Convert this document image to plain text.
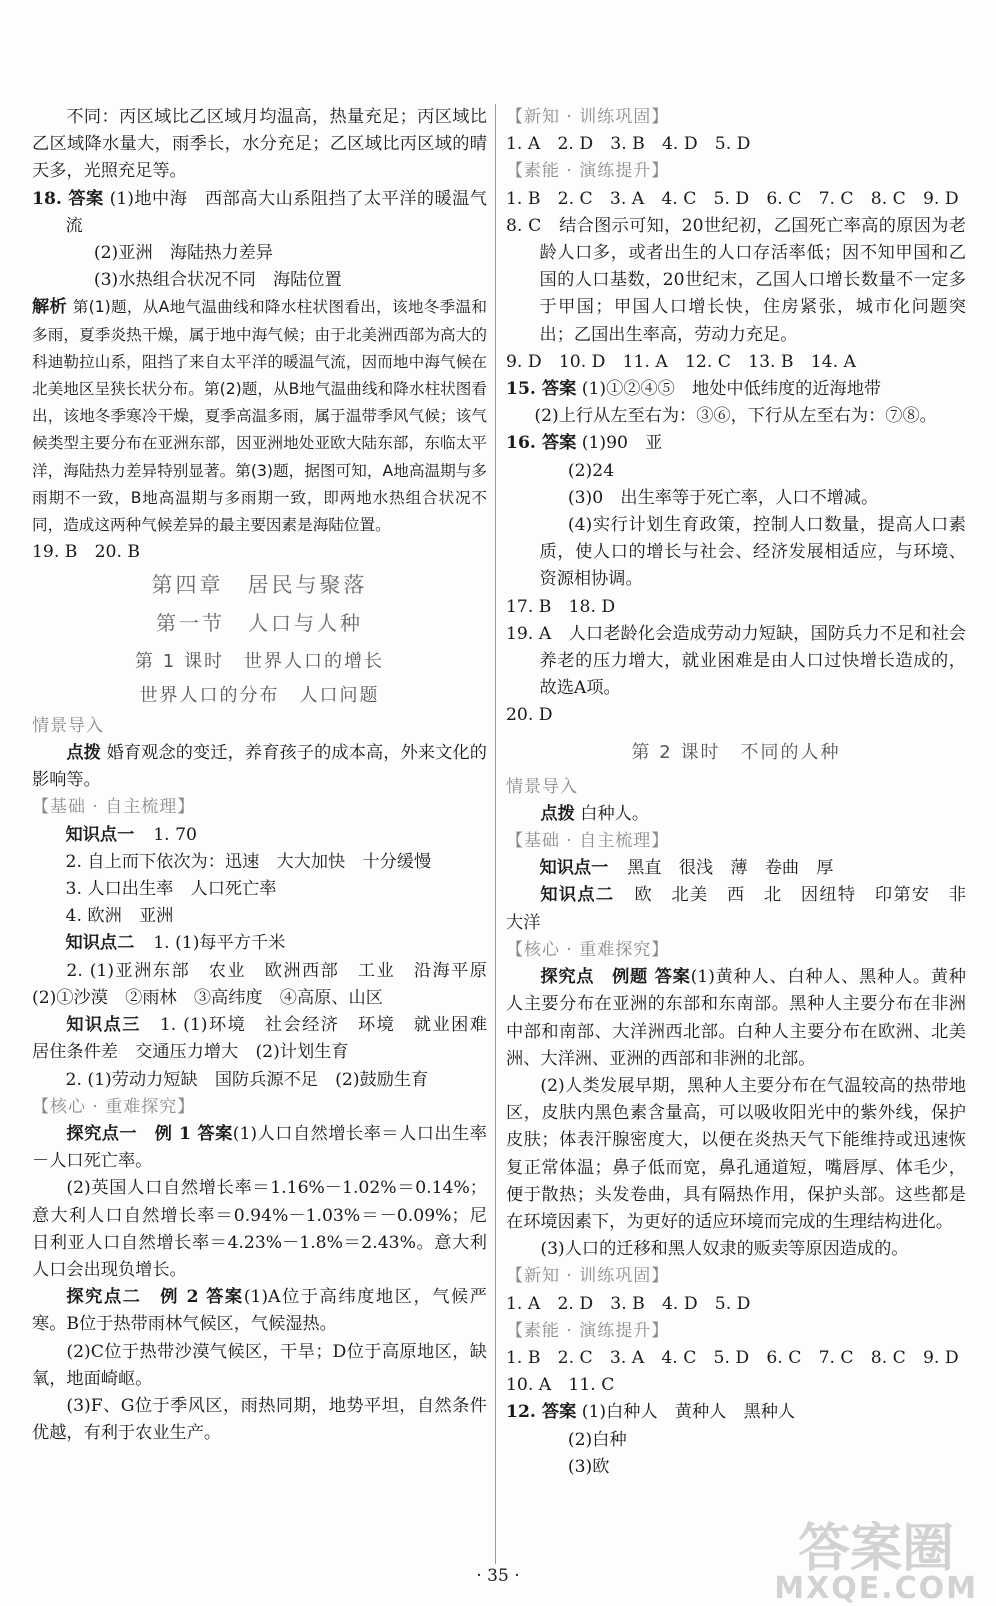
不同：丙区域比乙区域月均温高，热量充足；丙区域比乙区域降水量大，雨季长，水分充足；乙区域比丙区域的晴天多，光照充足等。

18. 答案 (1)地中海　西部高大山系阻挡了太平洋的暖温气流

(2)亚洲　海陆热力差异

(3)水热组合状况不同　海陆位置

解析 第(1)题，从A地气温曲线和降水柱状图看出，该地冬季温和多雨，夏季炎热干燥，属于地中海气候；由于北美洲西部为高大的科迪勒拉山系，阻挡了来自太平洋的暖温气流，因而地中海气候在北美地区呈狭长状分布。第(2)题，从B地气温曲线和降水柱状图看出，该地冬季寒冷干燥，夏季高温多雨，属于温带季风气候；该气候类型主要分布在亚洲东部，因亚洲地处亚欧大陆东部，东临太平洋，海陆热力差异特别显著。第(3)题，据图可知，A地高温期与多雨期不一致，B地高温期与多雨期一致，即两地水热组合状况不同，造成这两种气候差异的最主要因素是海陆位置。

19. B　20. B

第四章　居民与聚落
第一节　人口与人种
第 1 课时　世界人口的增长
世界人口的分布　人口问题
情景导入

点拨 婚育观念的变迁，养育孩子的成本高，外来文化的影响等。

【基础 · 自主梳理】

知识点一 1. 70

2. 自上而下依次为：迅速　大大加快　十分缓慢

3. 人口出生率　人口死亡率

4. 欧洲　亚洲

知识点二 1. (1)每平方千米

2. (1)亚洲东部　农业　欧洲西部　工业　沿海平原　(2)①沙漠　②雨林　③高纬度　④高原、山区

知识点三 1. (1)环境　社会经济　环境　就业困难　居住条件差　交通压力增大　(2)计划生育

2. (1)劳动力短缺　国防兵源不足　(2)鼓励生育

【核心 · 重难探究】

探究点一　例 1 答案(1)人口自然增长率＝人口出生率－人口死亡率。

(2)英国人口自然增长率＝1.16%－1.02%＝0.14%；意大利人口自然增长率＝0.94%－1.03%＝－0.09%；尼日利亚人口自然增长率＝4.23%－1.8%＝2.43%。意大利人口会出现负增长。

探究点二　例 2 答案(1)A位于高纬度地区，气候严寒。B位于热带雨林气候区，气候湿热。

(2)C位于热带沙漠气候区，干旱；D位于高原地区，缺氧，地面崎岖。

(3)F、G位于季风区，雨热同期，地势平坦，自然条件优越，有利于农业生产。

【新知 · 训练巩固】

1. A　2. D　3. B　4. D　5. D

【素能 · 演练提升】

1. B　2. C　3. A　4. C　5. D　6. C　7. C　8. C　9. D

8. C　结合图示可知，20世纪初，乙国死亡率高的原因为老龄人口多，或者出生的人口存活率低；因不知甲国和乙国的人口基数，20世纪末，乙国人口增长数量不一定多于甲国；甲国人口增长快，住房紧张，城市化问题突出；乙国出生率高，劳动力充足。

9. D　10. D　11. A　12. C　13. B　14. A

15. 答案 (1)①②④⑤　地处中低纬度的近海地带

(2)上行从左至右为：③⑥，下行从左至右为：⑦⑧。

16. 答案 (1)90　亚

(2)24

(3)0　出生率等于死亡率，人口不增减。

(4)实行计划生育政策，控制人口数量，提高人口素质，使人口的增长与社会、经济发展相适应，与环境、资源相协调。

17. B　18. D

19. A　人口老龄化会造成劳动力短缺，国防兵力不足和社会养老的压力增大，就业困难是由人口过快增长造成的，故选A项。

20. D

第 2 课时　不同的人种
情景导入

点拨 白种人。

【基础 · 自主梳理】

知识点一 黑直　很浅　薄　卷曲　厚

知识点二 欧　北美　西　北　因纽特　印第安　非　大洋

【核心 · 重难探究】

探究点　例题 答案(1)黄种人、白种人、黑种人。黄种人主要分布在亚洲的东部和东南部。黑种人主要分布在非洲中部和南部、大洋洲西北部。白种人主要分布在欧洲、北美洲、大洋洲、亚洲的西部和非洲的北部。

(2)人类发展早期，黑种人主要分布在气温较高的热带地区，皮肤内黑色素含量高，可以吸收阳光中的紫外线，保护皮肤；体表汗腺密度大，以便在炎热天气下能维持或迅速恢复正常体温；鼻子低而宽，鼻孔通道短，嘴唇厚、体毛少，便于散热；头发卷曲，具有隔热作用，保护头部。这些都是在环境因素下，为更好的适应环境而完成的生理结构进化。

(3)人口的迁移和黑人奴隶的贩卖等原因造成的。

【新知 · 训练巩固】

1. A　2. D　3. B　4. D　5. D

【素能 · 演练提升】

1. B　2. C　3. A　4. C　5. D　6. C　7. C　8. C　9. D

10. A　11. C

12. 答案 (1)白种人　黄种人　黑种人

(2)白种

(3)欧

· 35 ·	答案圈
MXQE.COM
